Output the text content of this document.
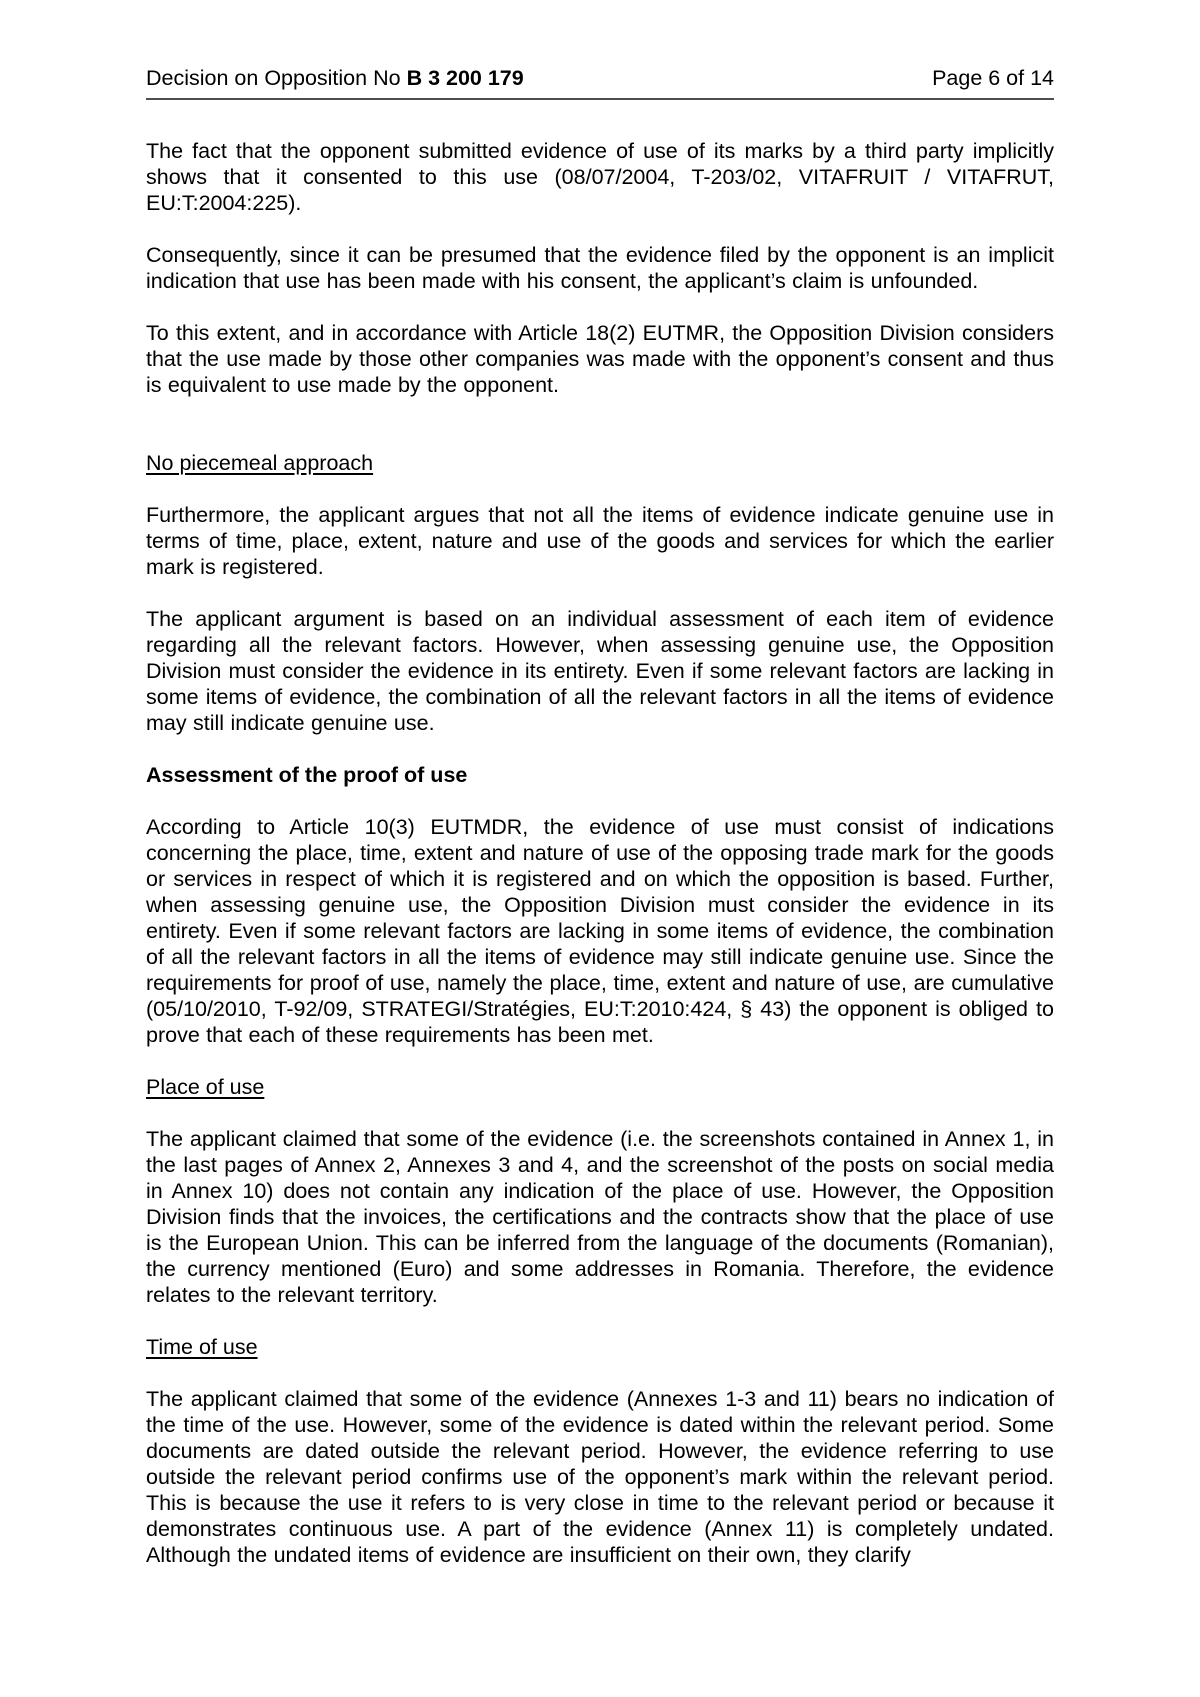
Decision on Opposition No B 3 200 179	Page 6 of 14

The fact that the opponent submitted evidence of use of its marks by a third party implicitly shows that it consented to this use (08/07/2004, T-203/02, VITAFRUIT / VITAFRUT, EU:T:2004:225).

Consequently, since it can be presumed that the evidence filed by the opponent is an implicit indication that use has been made with his consent, the applicant’s claim is unfounded.

To this extent, and in accordance with Article 18(2) EUTMR, the Opposition Division considers that the use made by those other companies was made with the opponent’s consent and thus is equivalent to use made by the opponent.

No piecemeal approach

Furthermore, the applicant argues that not all the items of evidence indicate genuine use in terms of time, place, extent, nature and use of the goods and services for which the earlier mark is registered.

The applicant argument is based on an individual assessment of each item of evidence regarding all the relevant factors. However, when assessing genuine use, the Opposition Division must consider the evidence in its entirety. Even if some relevant factors are lacking in some items of evidence, the combination of all the relevant factors in all the items of evidence may still indicate genuine use.

Assessment of the proof of use

According to Article 10(3) EUTMDR, the evidence of use must consist of indications concerning the place, time, extent and nature of use of the opposing trade mark for the goods or services in respect of which it is registered and on which the opposition is based. Further, when assessing genuine use, the Opposition Division must consider the evidence in its entirety. Even if some relevant factors are lacking in some items of evidence, the combination of all the relevant factors in all the items of evidence may still indicate genuine use. Since the requirements for proof of use, namely the place, time, extent and nature of use, are cumulative (05/10/2010, T-92/09, STRATEGI/Stratégies, EU:T:2010:424, § 43) the opponent is obliged to prove that each of these requirements has been met.

Place of use

The applicant claimed that some of the evidence (i.e. the screenshots contained in Annex 1, in the last pages of Annex 2, Annexes 3 and 4, and the screenshot of the posts on social media in Annex 10) does not contain any indication of the place of use. However, the Opposition Division finds that the invoices, the certifications and the contracts show that the place of use is the European Union. This can be inferred from the language of the documents (Romanian), the currency mentioned (Euro) and some addresses in Romania. Therefore, the evidence relates to the relevant territory.

Time of use

The applicant claimed that some of the evidence (Annexes 1-3 and 11) bears no indication of the time of the use. However, some of the evidence is dated within the relevant period. Some documents are dated outside the relevant period. However, the evidence referring to use outside the relevant period confirms use of the opponent’s mark within the relevant period. This is because the use it refers to is very close in time to the relevant period or because it demonstrates continuous use. A part of the evidence (Annex 11) is completely undated. Although the undated items of evidence are insufficient on their own, they clarify
